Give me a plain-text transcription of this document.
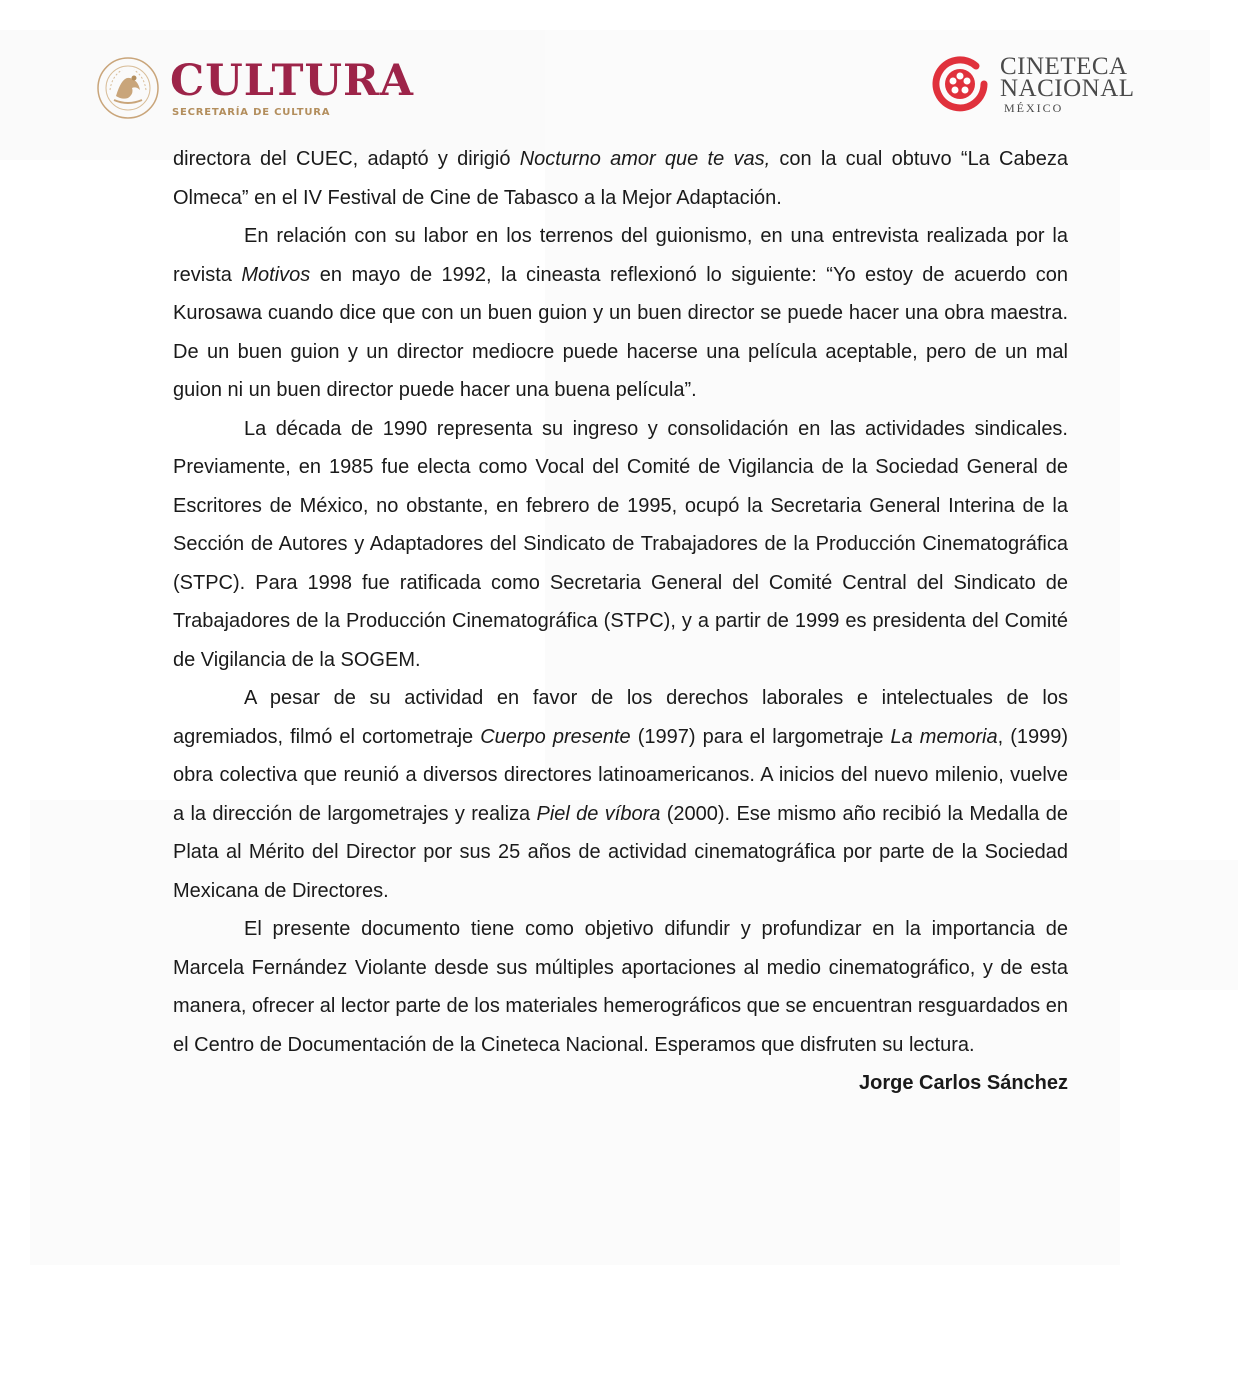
CULTURA
SECRETARÍA DE CULTURA
CINETECA
NACIONAL
MÉXICO

directora del CUEC, adaptó y dirigió Nocturno amor que te vas, con la cual obtuvo “La Cabeza Olmeca” en el IV Festival de Cine de Tabasco a la Mejor Adaptación.

En relación con su labor en los terrenos del guionismo, en una entrevista realizada por la revista Motivos en mayo de 1992, la cineasta reflexionó lo siguiente: “Yo estoy de acuerdo con Kurosawa cuando dice que con un buen guion y un buen director se puede hacer una obra maestra. De un buen guion y un director mediocre puede hacerse una película aceptable, pero de un mal guion ni un buen director puede hacer una buena película”.

La década de 1990 representa su ingreso y consolidación en las actividades sindicales. Previamente, en 1985 fue electa como Vocal del Comité de Vigilancia de la Sociedad General de Escritores de México, no obstante, en febrero de 1995, ocupó la Secretaria General Interina de la Sección de Autores y Adaptadores del Sindicato de Trabajadores de la Producción Cinematográfica (STPC). Para 1998 fue ratificada como Secretaria General del Comité Central del Sindicato de Trabajadores de la Producción Cinematográfica (STPC), y a partir de 1999 es presidenta del Comité de Vigilancia de la SOGEM.

A pesar de su actividad en favor de los derechos laborales e intelectuales de los agremiados, filmó el cortometraje Cuerpo presente (1997) para el largometraje La memoria, (1999) obra colectiva que reunió a diversos directores latinoamericanos. A inicios del nuevo milenio, vuelve a la dirección de largometrajes y realiza Piel de víbora (2000). Ese mismo año recibió la Medalla de Plata al Mérito del Director por sus 25 años de actividad cinematográfica por parte de la Sociedad Mexicana de Directores.

El presente documento tiene como objetivo difundir y profundizar en la importancia de Marcela Fernández Violante desde sus múltiples aportaciones al medio cinematográfico, y de esta manera, ofrecer al lector parte de los materiales hemerográficos que se encuentran resguardados en el Centro de Documentación de la Cineteca Nacional. Esperamos que disfruten su lectura.

Jorge Carlos Sánchez
